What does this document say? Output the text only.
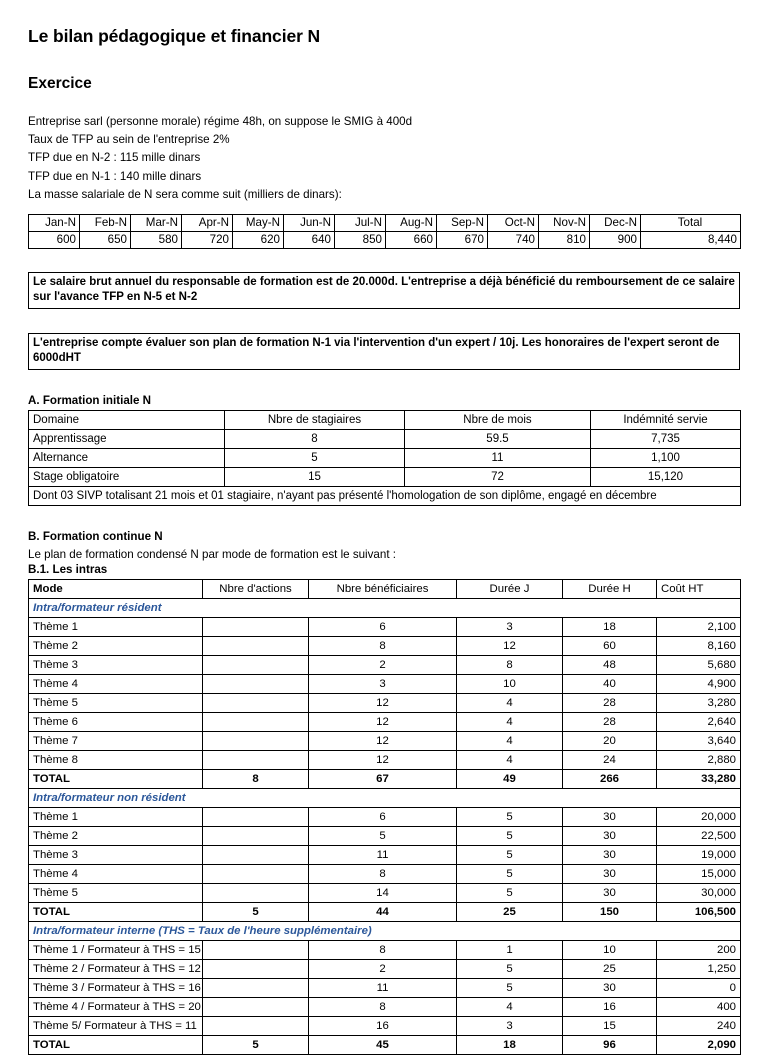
Le bilan pédagogique et financier N
Exercice
Entreprise sarl (personne morale) régime 48h, on suppose le SMIG à 400d
Taux de TFP au sein de l'entreprise 2%
TFP due en N-2 : 115 mille dinars
TFP due en N-1 : 140 mille dinars
La masse salariale de N sera comme suit (milliers de dinars):
Jan-N	Feb-N	Mar-N	Apr-N	May-N	Jun-N	Jul-N	Aug-N	Sep-N	Oct-N	Nov-N	Dec-N	Total
600	650	580	720	620	640	850	660	670	740	810	900	8,440
Le salaire brut annuel du responsable de formation est de 20.000d. L'entreprise a déjà bénéficié du remboursement de ce salaire sur l'avance TFP en N-5 et N-2
L'entreprise compte évaluer son plan de formation N-1 via l'intervention d'un expert / 10j. Les honoraires de l'expert seront de 6000dHT
A. Formation initiale N
Domaine	Nbre de stagiaires	Nbre de mois	Indémnité servie
Apprentissage	8	59.5	7,735
Alternance	5	11	1,100
Stage obligatoire	15	72	15,120
Dont 03 SIVP totalisant 21 mois et 01 stagiaire, n'ayant pas présenté l'homologation de son diplôme, engagé en décembre			
B. Formation continue N
Le plan de formation condensé N par mode de formation est le suivant :
B.1. Les intras
Mode	Nbre d'actions	Nbre bénéficiaires	Durée J	Durée H	Coût HT
Intra/formateur résident					
Thème 1		6	3	18	2,100
Thème 2		8	12	60	8,160
Thème 3		2	8	48	5,680
Thème 4		3	10	40	4,900
Thème 5		12	4	28	3,280
Thème 6		12	4	28	2,640
Thème 7		12	4	20	3,640
Thème 8		12	4	24	2,880
TOTAL	8	67	49	266	33,280
Intra/formateur non résident					
Thème 1		6	5	30	20,000
Thème 2		5	5	30	22,500
Thème 3		11	5	30	19,000
Thème 4		8	5	30	15,000
Thème 5		14	5	30	30,000
TOTAL	5	44	25	150	106,500
Intra/formateur interne (THS = Taux de l'heure supplémentaire)					
Thème 1 / Formateur à THS = 15		8	1	10	200
Thème 2 / Formateur à THS = 12		2	5	25	1,250
Thème 3 / Formateur à THS = 16		11	5	30	0
Thème 4 / Formateur à THS = 20		8	4	16	400
Thème 5/ Formateur à THS = 11		16	3	15	240
TOTAL	5	45	18	96	2,090
